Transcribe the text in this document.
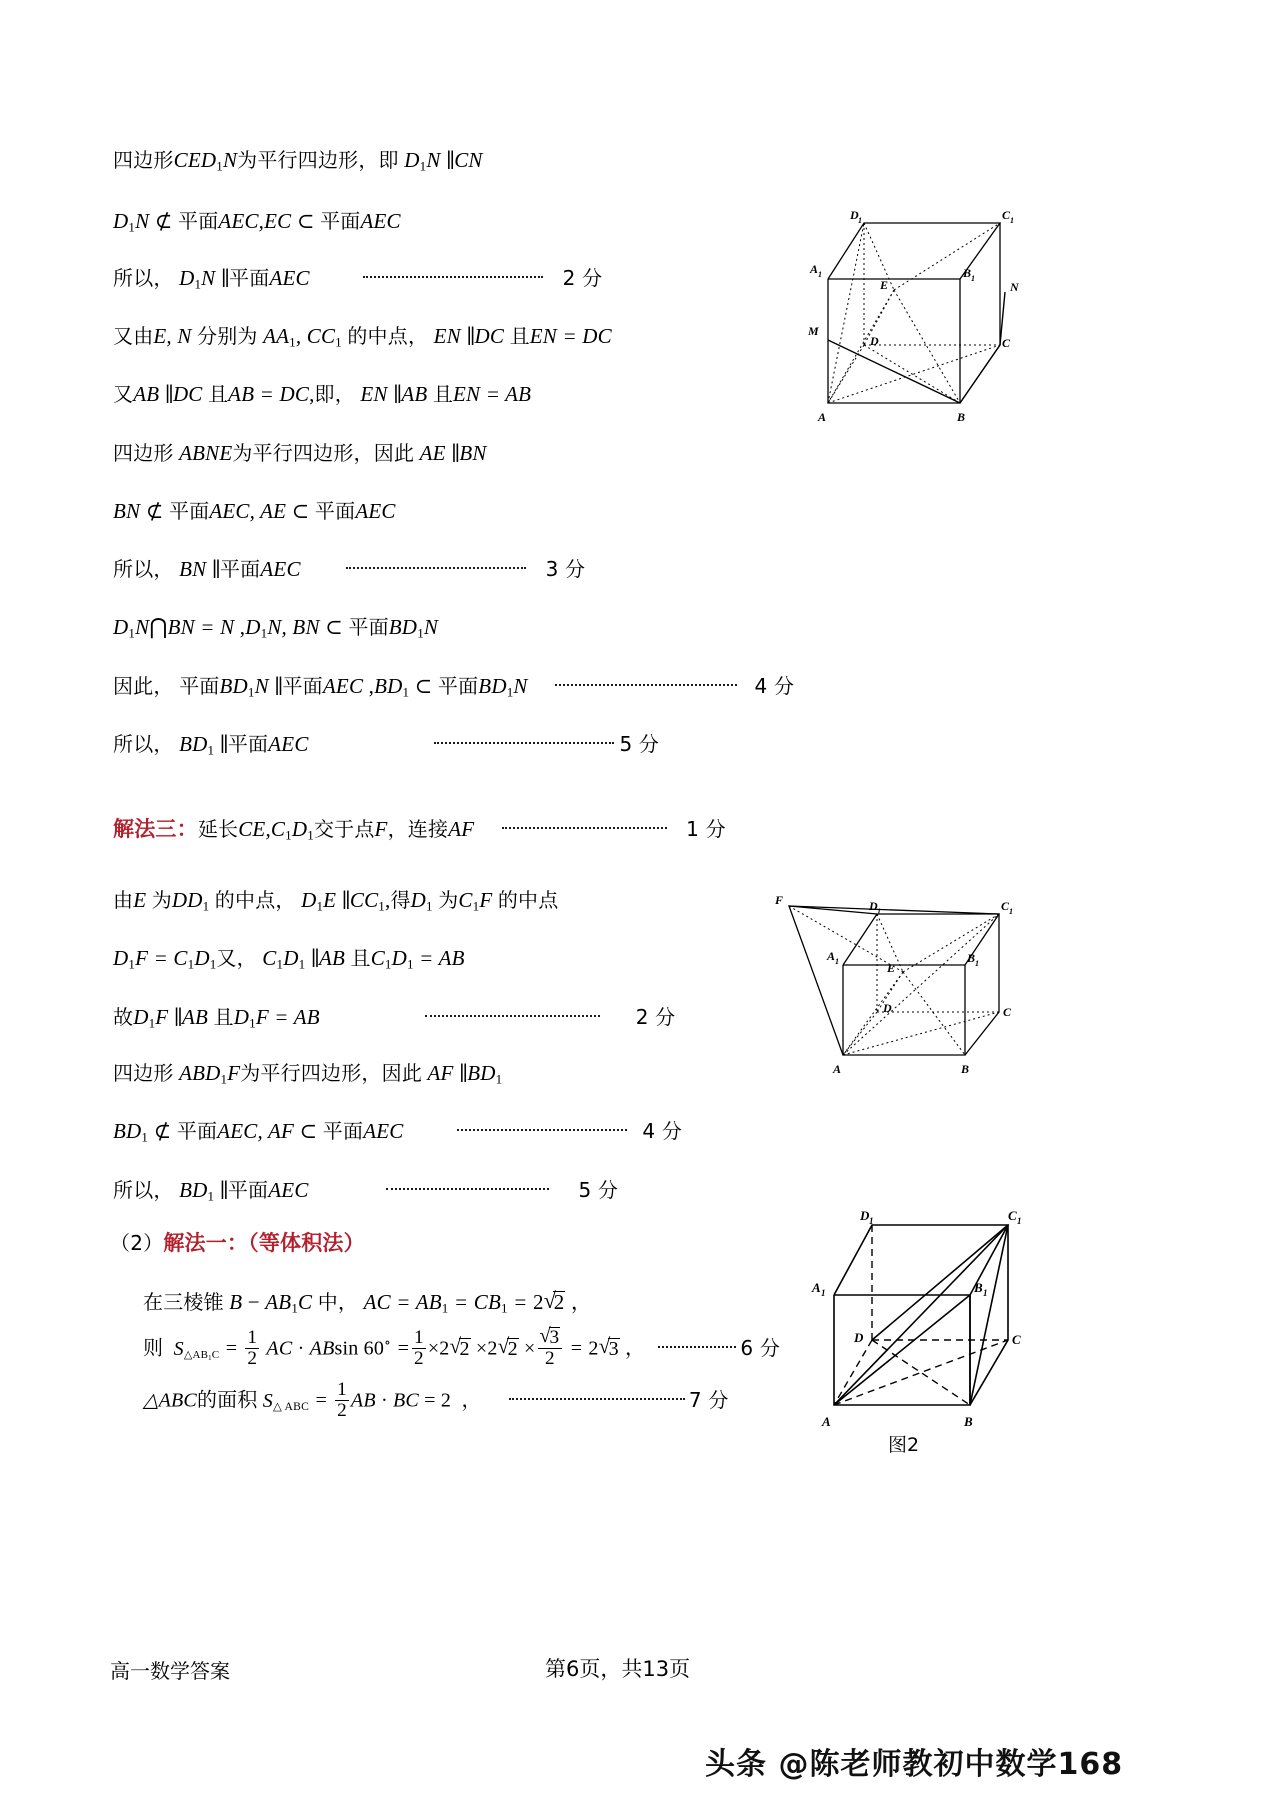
四边形$CED_1N$为平行四边形，即 $D_1N$ ∥CN
$D_1N$ ⊄ 平面AEC,EC ⊂ 平面AEC
所以， $D_1N$ ∥平面AEC	2 分
又由E, N 分别为 $AA_1$, $CC_1$ 的中点， EN ∥DC 且EN = DC
又AB ∥DC 且AB = DC,即， EN ∥AB 且EN = AB
四边形 ABNE为平行四边形，因此 AE ∥BN
BN ⊄ 平面AEC, AE ⊂ 平面AEC
所以， BN ∥平面AEC	3 分
$D_1N⋂BN = N$ $,D_1N$, BN ⊂ 平面$BD_1N$
因此， 平面$BD_1N$ ∥平面AEC $,BD_1$ ⊂ 平面$BD_1N$	4 分
所以， $BD_1$ ∥平面AEC	5 分
解法三：延长$CE,C_1D_1$交于点F，连接AF	1 分
由E 为$DD_1$ 的中点， $D_1E$ $\parallel CC_1$,得$D_1$ 为$C_1F$ 的中点
$D_1F = C_1D_1$又， $C_1D_1$ ∥AB 且$C_1D_1$ = AB
故$D_1F$ ∥AB 且$D_1F$ = AB	2 分
四边形 $ABD_1F$为平行四边形，因此 AF $\parallel BD_1$
$BD_1$ ⊄ 平面AEC, AF ⊂ 平面AEC	4 分
所以， $BD_1$ ∥平面AEC	5 分
（2）解法一：（等体积法）
在三棱锥 $B - AB_1C$ 中， AC = $AB_1 = CB_1 = 2$ √ 2 ，
则 $S_{\triangle AB_1C} = \frac{1}{2}$ AC · ABsin $60^\circ = \frac{1}{2} \times 2$ √ 2 ×2 √ 2 × √ $\frac{3}{2} = 2$ √ 3 ，	6 分
△ABC的面积 $S_{\triangle ABC} = \frac{1}{2}$ AB · BC = 2  ，	7 分
D 1	C 1
A 1	B 1
N
E
M
D	C
A	B
F	D 1	C 1
A 1	B 1
E
D	C
A	B
D 1	C 1
A 1	B 1
D	C
A	B
图2
高一数学答案	第6页，共13页
头条 @陈老师教初中数学168
